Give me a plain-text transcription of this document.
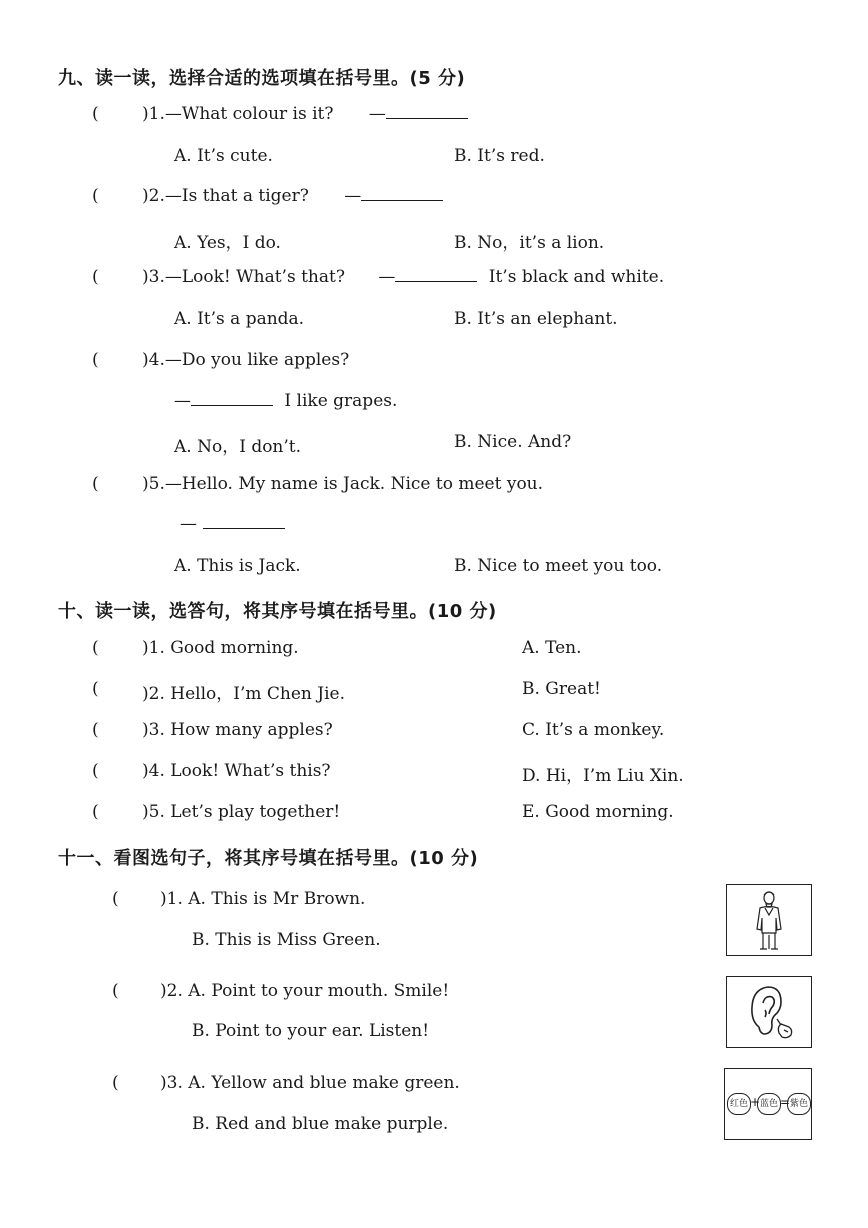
九、读一读，选择合适的选项填在括号里。(5 分)
(	)1.—What colour is it? —
A. It’s cute.	B. It’s red.
(	)2.—Is that a tiger? —
A. Yes，I do.	B. No，it’s a lion.
(	)3.—Look! What’s that? —	It’s black and white.
A. It’s a panda.	B. It’s an elephant.
(	)4.—Do you like apples?
—	I like grapes.
A. No，I don’t.	B. Nice. And?
(	)5.—Hello. My name is Jack. Nice to meet you.
—
A. This is Jack.	B. Nice to meet you too.
十、读一读，选答句，将其序号填在括号里。(10 分)
(	)1. Good morning.	A. Ten.
(	)2. Hello，I’m Chen Jie.	B. Great!
(	)3. How many apples?	C. It’s a monkey.
(	)4. Look! What’s this?	D. Hi，I’m Liu Xin.
(	)5. Let’s play together!	E. Good morning.
十一、看图选句子，将其序号填在括号里。(10 分)
( )1. A. This is Mr Brown.
B. This is Miss Green.
( )2. A. Point to your mouth. Smile!
B. Point to your ear. Listen!
( )3. A. Yellow and blue make green.
B. Red and blue make purple.
红色 + 蓝色 = 紫色
